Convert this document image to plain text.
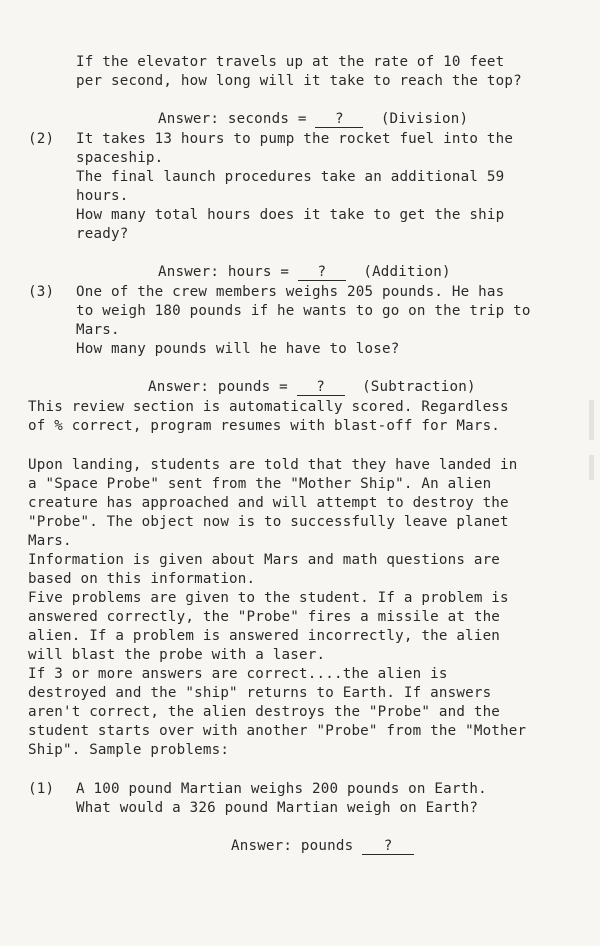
If the elevator travels up at the rate of 10 feet
per second, how long will it take to reach the top?

Answer: seconds = ?	(Division)

(2) It takes 13 hours to pump the rocket fuel into the
spaceship.
The final launch procedures take an additional 59
hours.
How many total hours does it take to get the ship
ready?

Answer: hours = ?	(Addition)

(3) One of the crew members weighs 205 pounds. He has
to weigh 180 pounds if he wants to go on the trip to
Mars.
How many pounds will he have to lose?

Answer: pounds = ?	(Subtraction)

This review section is automatically scored. Regardless
of % correct, program resumes with blast-off for Mars.
Upon landing, students are told that they have landed in
a "Space Probe" sent from the "Mother Ship". An alien
creature has approached and will attempt to destroy the
"Probe". The object now is to successfully leave planet
Mars.
Information is given about Mars and math questions are
based on this information.
Five problems are given to the student. If a problem is
answered correctly, the "Probe" fires a missile at the
alien. If a problem is answered incorrectly, the alien
will blast the probe with a laser.
If 3 or more answers are correct....the alien is
destroyed and the "ship" returns to Earth. If answers
aren't correct, the alien destroys the "Probe" and the
student starts over with another "Probe" from the "Mother
Ship". Sample problems:
(1) A 100 pound Martian weighs 200 pounds on Earth.
What would a 326 pound Martian weigh on Earth?

Answer: pounds ?
